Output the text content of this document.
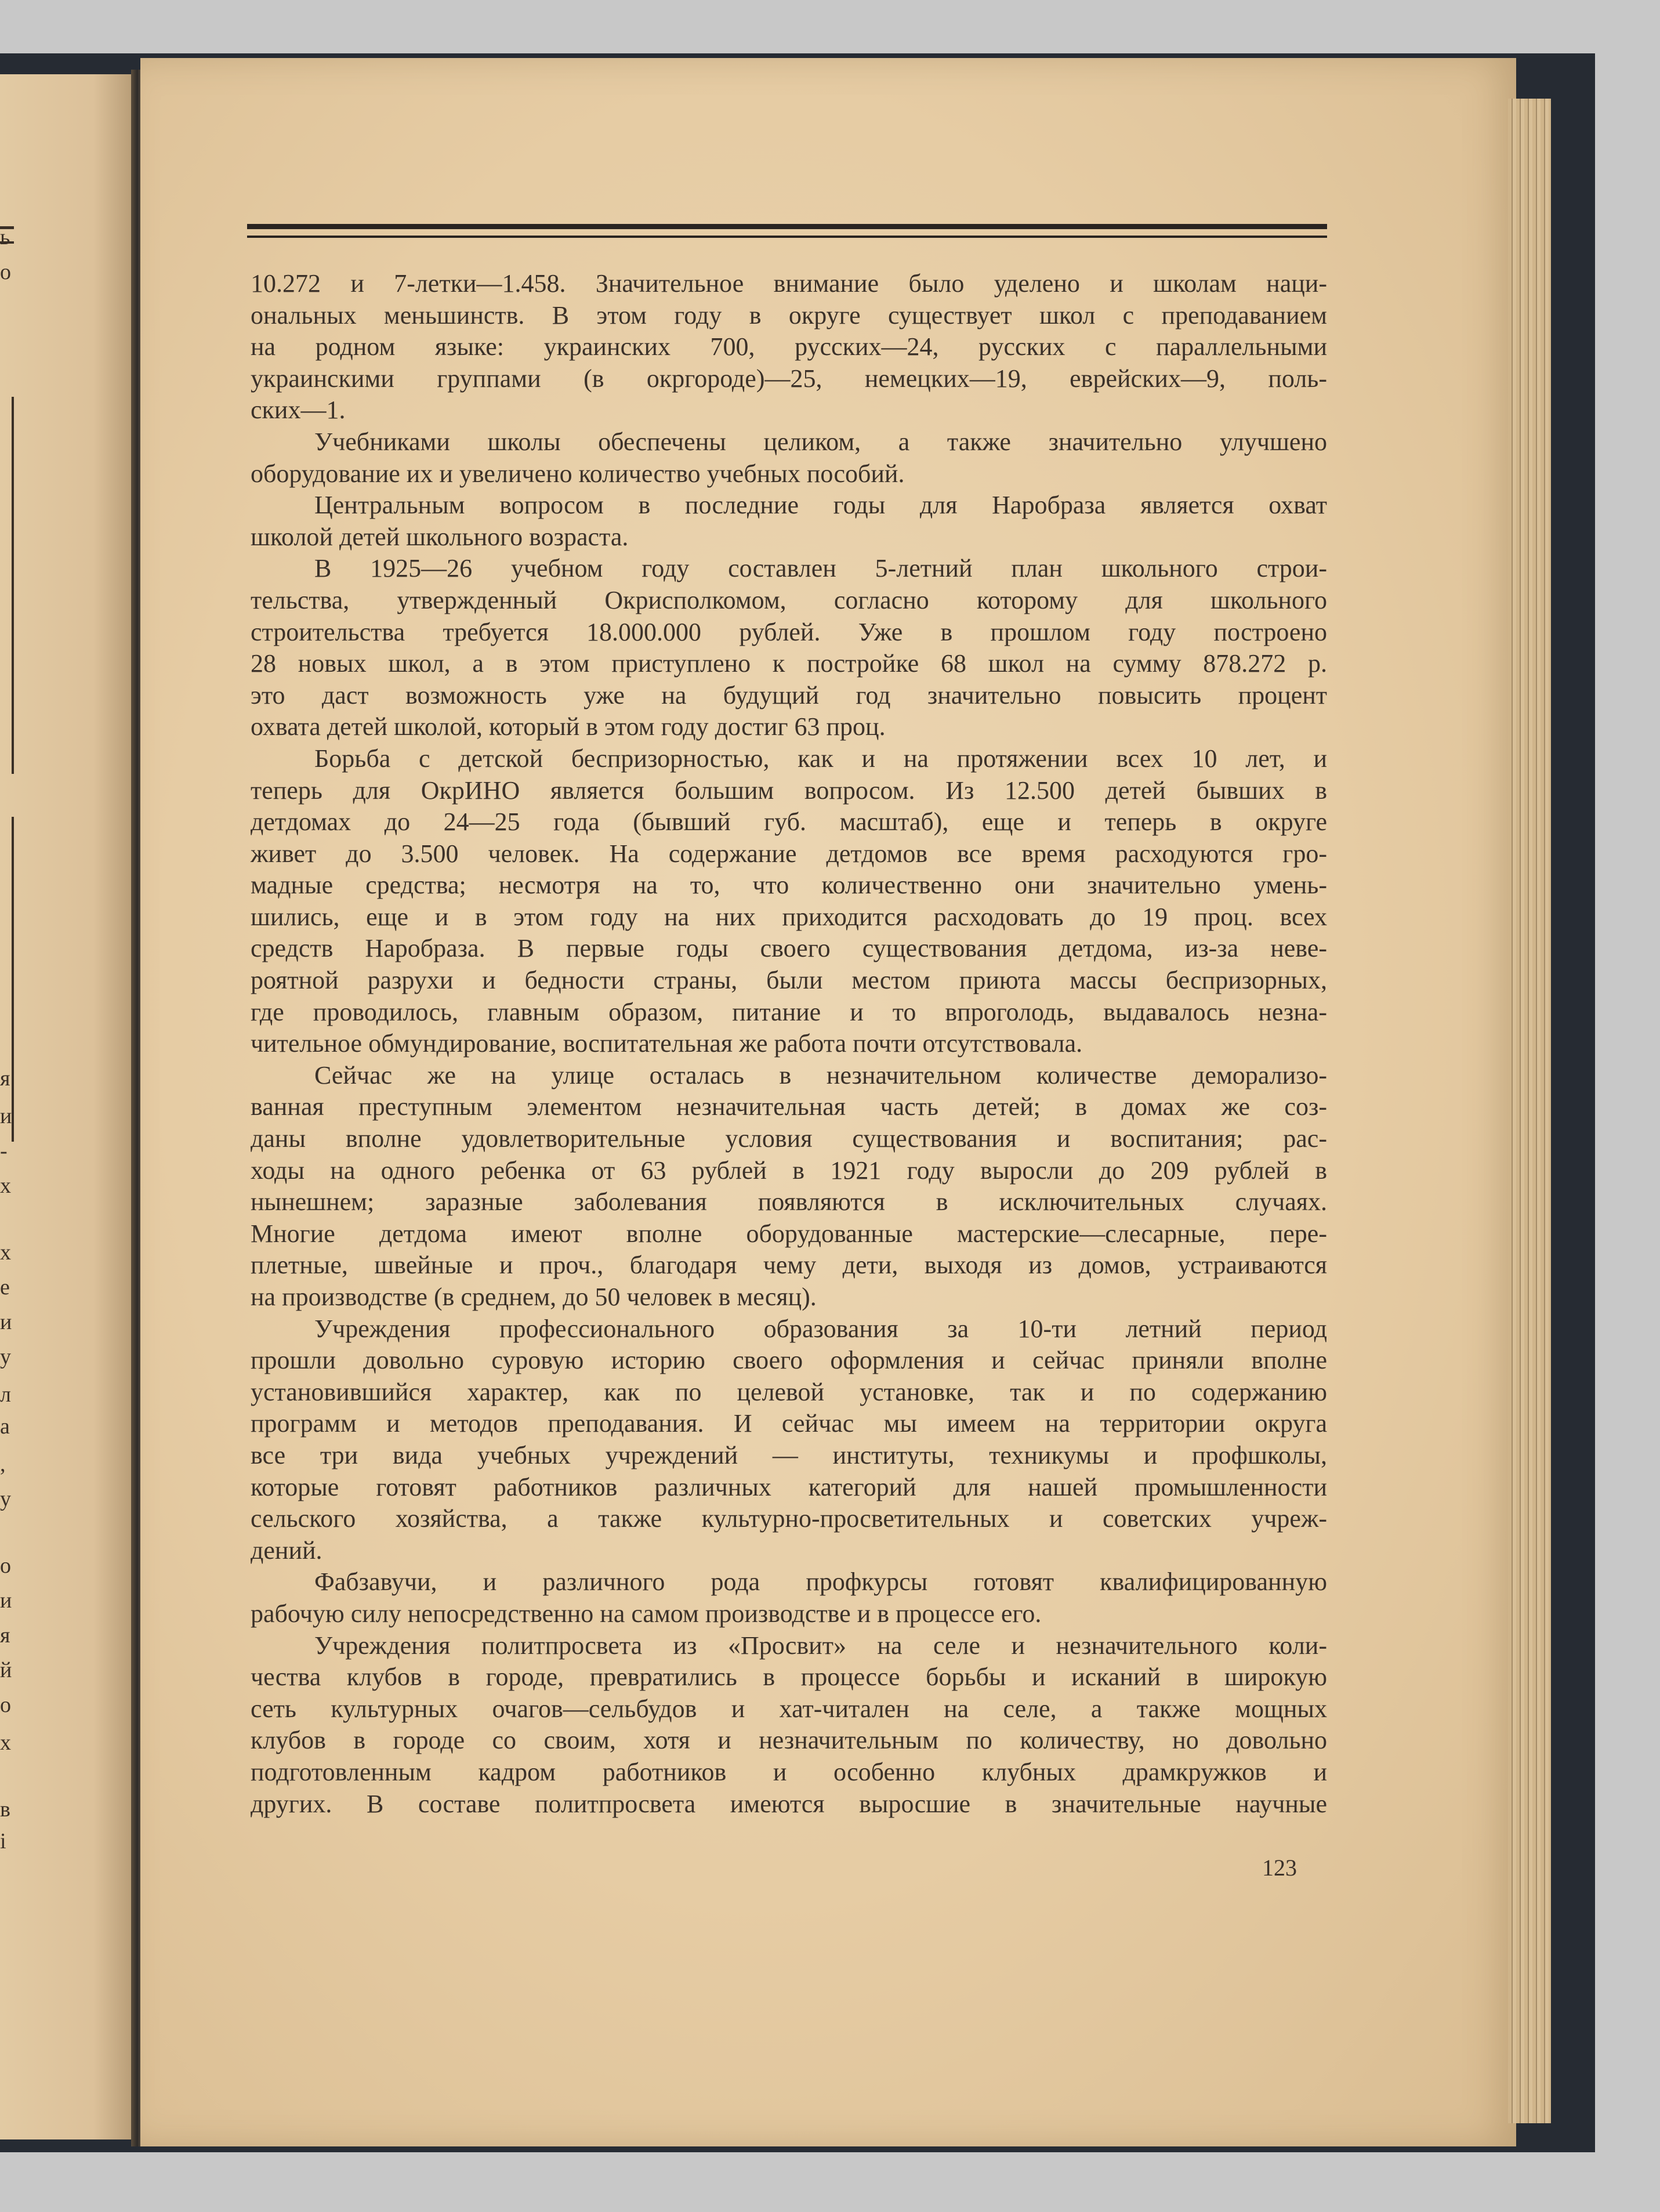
ь
о
я
и
-
х
х
е
и
у
л
а
,
у
о
и
я
й
о
х
в
і

10.272 и 7-летки—1.458. Значительное внимание было уделено и школам наци-

ональных меньшинств. В этом году в округе существует школ с преподаванием

на родном языке: украинских 700, русских—24, русских с параллельными

украинскими группами (в окргороде)—25, немецких—19, еврейских—9, поль-

ских—1.

Учебниками школы обеспечены целиком, а также значительно улучшено

оборудование их и увеличено количество учебных пособий.

Центральным вопросом в последние годы для Наробраза является охват

школой детей школьного возраста.

В 1925—26 учебном году составлен 5-летний план школьного строи-

тельства, утвержденный Окрисполкомом, согласно которому для школьного

строительства требуется 18.000.000 рублей. Уже в прошлом году построено

28 новых школ, а в этом приступлено к постройке 68 школ на сумму 878.272 р.

это даст возможность уже на будущий год значительно повысить процент

охвата детей школой, который в этом году достиг 63 проц.

Борьба с детской беспризорностью, как и на протяжении всех 10 лет, и

теперь для ОкрИНО является большим вопросом. Из 12.500 детей бывших в

детдомах до 24—25 года (бывший губ. масштаб), еще и теперь в округе

живет до 3.500 человек. На содержание детдомов все время расходуются гро-

мадные средства; несмотря на то, что количественно они значительно умень-

шились, еще и в этом году на них приходится расходовать до 19 проц. всех

средств Наробраза. В первые годы своего существования детдома, из-за неве-

роятной разрухи и бедности страны, были местом приюта массы беспризорных,

где проводилось, главным образом, питание и то впроголодь, выдавалось незна-

чительное обмундирование, воспитательная же работа почти отсутствовала.

Сейчас же на улице осталась в незначительном количестве деморализо-

ванная преступным элементом незначительная часть детей; в домах же соз-

даны вполне удовлетворительные условия существования и воспитания; рас-

ходы на одного ребенка от 63 рублей в 1921 году выросли до 209 рублей в

нынешнем; заразные заболевания появляются в исключительных случаях.

Многие детдома имеют вполне оборудованные мастерские—слесарные, пере-

плетные, швейные и проч., благодаря чему дети, выходя из домов, устраиваются

на производстве (в среднем, до 50 человек в месяц).

Учреждения профессионального образования за 10-ти летний период

прошли довольно суровую историю своего оформления и сейчас приняли вполне

установившийся характер, как по целевой установке, так и по содержанию

программ и методов преподавания. И сейчас мы имеем на территории округа

все три вида учебных учреждений — институты, техникумы и профшколы,

которые готовят работников различных категорий для нашей промышленности

сельского хозяйства, а также культурно-просветительных и советских учреж-

дений.

Фабзавучи, и различного рода профкурсы готовят квалифицированную

рабочую силу непосредственно на самом производстве и в процессе его.

Учреждения политпросвета из «Просвит» на селе и незначительного коли-

чества клубов в городе, превратились в процессе борьбы и исканий в широкую

сеть культурных очагов—сельбудов и хат-читален на селе, а также мощных

клубов в городе со своим, хотя и незначительным по количеству, но довольно

подготовленным кадром работников и особенно клубных драмкружков и

других. В составе политпросвета имеются выросшие в значительные научные

123
